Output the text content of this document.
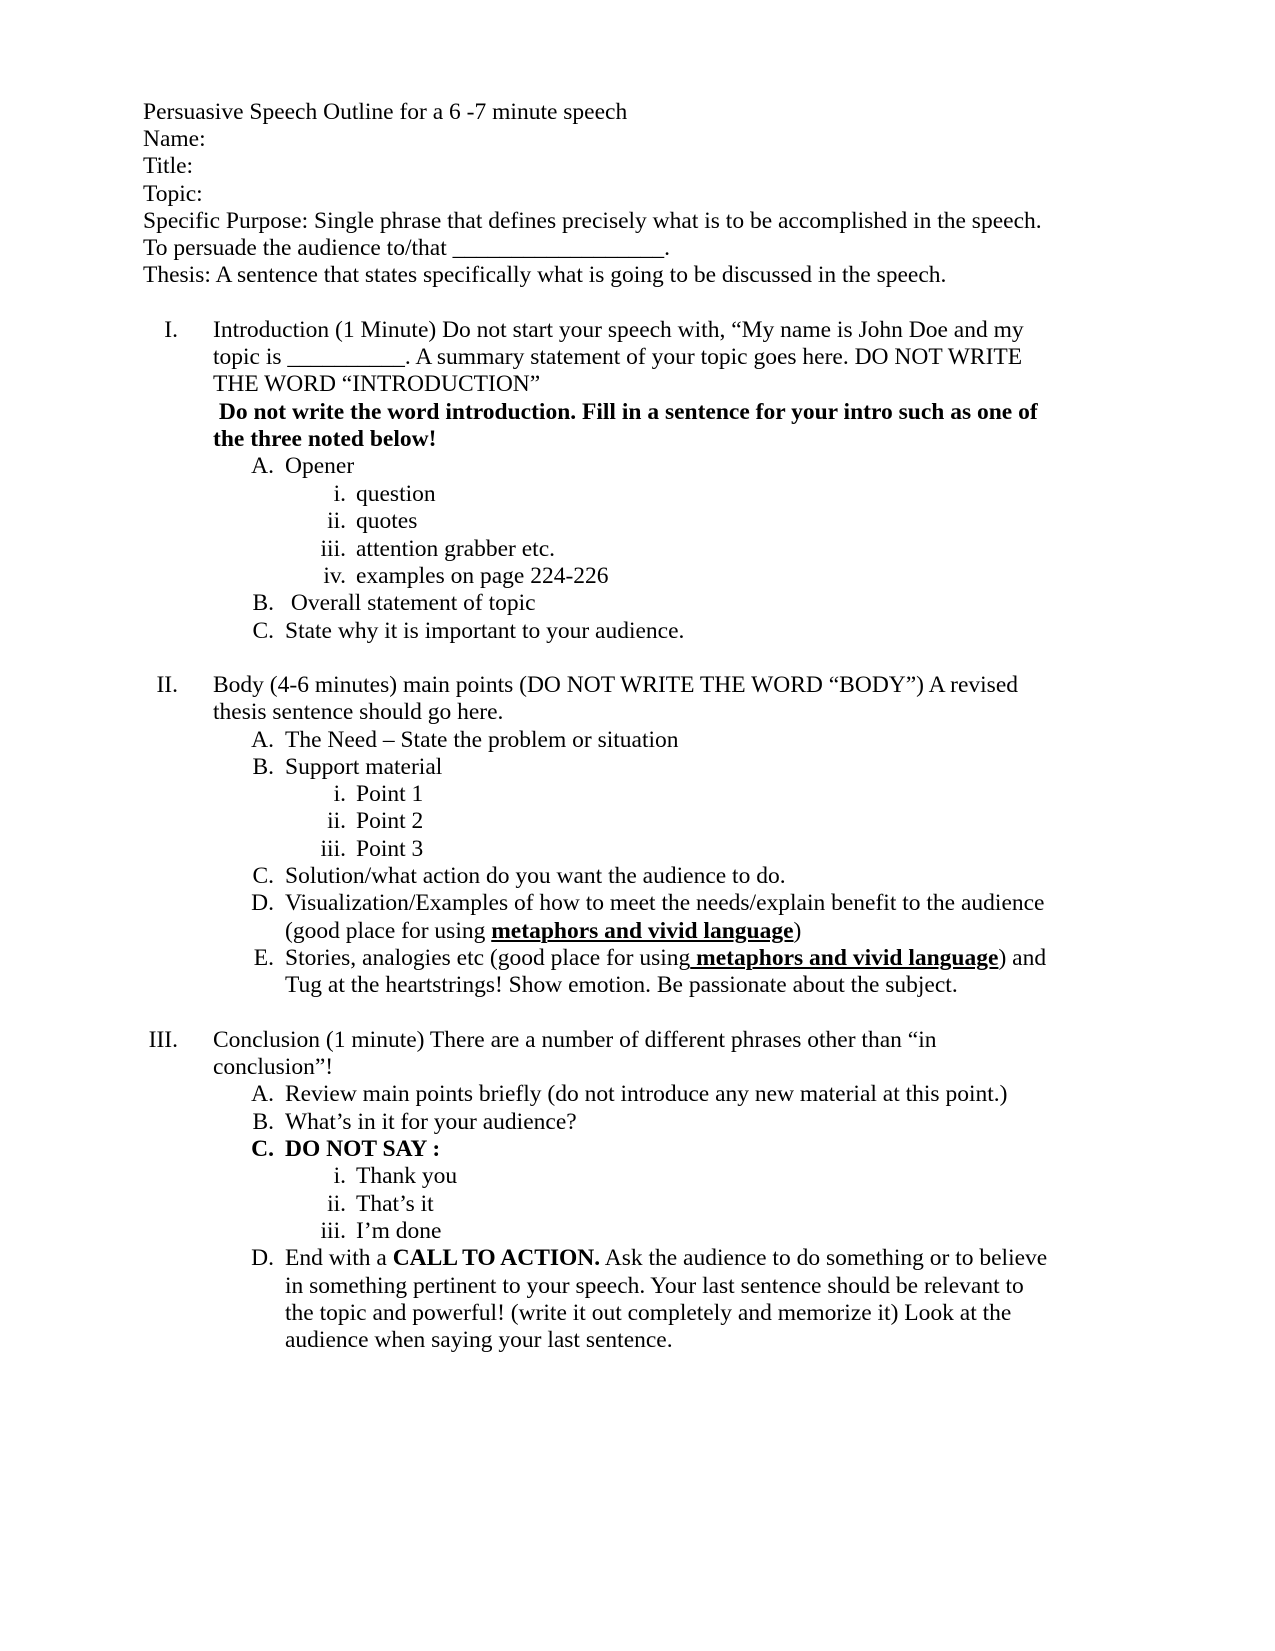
Persuasive Speech Outline for a 6 -7 minute speech
Name:
Title:
Topic:
Specific Purpose: Single phrase that defines precisely what is to be accomplished in the speech.
To persuade the audience to/that __________________.
Thesis: A sentence that states specifically what is going to be discussed in the speech.
I. Introduction (1 Minute) Do not start your speech with, “My name is John Doe and my
topic is __________. A summary statement of your topic goes here. DO NOT WRITE
THE WORD “INTRODUCTION”
Do not write the word introduction. Fill in a sentence for your intro such as one of
the three noted below!
A. Opener
i. question
ii. quotes
iii. attention grabber etc.
iv. examples on page 224-226
B. Overall statement of topic
C. State why it is important to your audience.
II. Body (4-6 minutes) main points (DO NOT WRITE THE WORD “BODY”) A revised
thesis sentence should go here.
A. The Need – State the problem or situation
B. Support material
i. Point 1
ii. Point 2
iii. Point 3
C. Solution/what action do you want the audience to do.
D. Visualization/Examples of how to meet the needs/explain benefit to the audience
(good place for using metaphors and vivid language)
E. Stories, analogies etc (good place for using metaphors and vivid language) and
Tug at the heartstrings! Show emotion. Be passionate about the subject.
III. Conclusion (1 minute) There are a number of different phrases other than “in
conclusion”!
A. Review main points briefly (do not introduce any new material at this point.)
B. What’s in it for your audience?
C. DO NOT SAY :
i. Thank you
ii. That’s it
iii. I’m done
D. End with a CALL TO ACTION. Ask the audience to do something or to believe
in something pertinent to your speech. Your last sentence should be relevant to
the topic and powerful! (write it out completely and memorize it) Look at the
audience when saying your last sentence.
